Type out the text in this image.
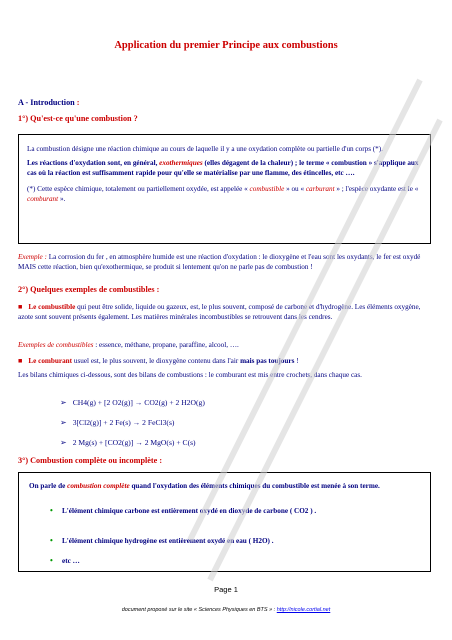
Application du premier Principe aux combustions
A - Introduction :
1°) Qu'est-ce qu'une combustion ?

La combustion désigne une réaction chimique au cours de laquelle il y a une oxydation complète ou partielle d'un corps (*).

Les réactions d'oxydation sont, en général, exothermiques (elles dégagent de la chaleur) ; le terme « combustion » s'applique aux cas où la réaction est suffisamment rapide pour qu'elle se matérialise par une flamme, des étincelles, etc ….

(*) Cette espèce chimique, totalement ou partiellement oxydée, est appelée « combustible » ou « carburant » ; l'espèce oxydante est le « comburant ».

Exemple : La corrosion du fer , en atmosphère humide est une réaction d'oxydation : le dioxygène et l'eau sont les oxydants, le fer est oxydé MAIS cette réaction, bien qu'exothermique, se produit si lentement qu'on ne parle pas de combustion !

2°) Quelques exemples de combustibles :

■ Le combustible qui peut être solide, liquide ou gazeux, est, le plus souvent, composé de carbone et d'hydrogène. Les éléments oxygène, azote sont souvent présents également. Les matières minérales incombustibles se retrouvent dans les cendres.

Exemples de combustibles : essence, méthane, propane, paraffine, alcool, ….

■ Le comburant usuel est, le plus souvent, le dioxygène contenu dans l'air mais pas toujours !

Les bilans chimiques ci-dessous, sont des bilans de combustions : le comburant est mis entre crochets, dans chaque cas.

➢ CH4(g) + [2 O2(g)] → CO2(g) + 2 H2O(g)
➢ 3[Cl2(g)] + 2 Fe(s) → 2 FeCl3(s)
➢ 2 Mg(s) + [CO2(g)] → 2 MgO(s) + C(s)
3°) Combustion complète ou incomplète :

On parle de combustion complète quand l'oxydation des éléments chimiques du combustible est menée à son terme.

• L'élément chimique carbone est entièrement oxydé en dioxyde de carbone ( CO2 ) .
• L'élément chimique hydrogène est entièrement oxydé en eau ( H2O) .
• etc …
Page 1
document proposé sur le site « Sciences Physiques en BTS » : http://nicole.cortial.net
